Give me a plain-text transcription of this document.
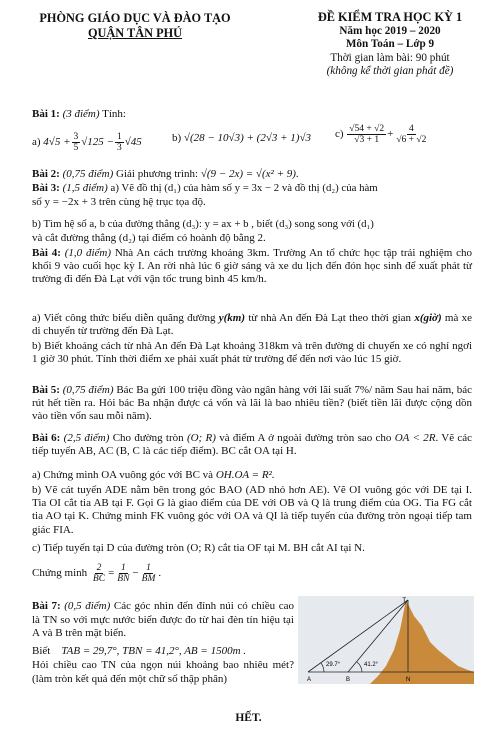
PHÒNG GIÁO DỤC VÀ ĐÀO TẠO
QUẬN TÂN PHÚ
ĐỀ KIỂM TRA HỌC KỲ 1
Năm học 2019 – 2020
Môn Toán – Lớp 9
Thời gian làm bài: 90 phút
(không kể thời gian phát đề)
Bài 1: (3 điểm) Tính:
a)
$4√5 + \frac{3}{5} √125 - \frac{1}{3} √45$	b)
√(28 − 10√3) + (2√3 + 1)√3 c)
$\frac{√54 + √2}{√3 + 1} + \frac{4}{√6 + √2}$
Bài 2: (0,75 điểm) Giải phương trình: √(9 − 2x) = √(x² + 9).
Bài 3: (1,5 điểm) a) Vẽ đồ thị (d₁) của hàm số y = 3x − 2 và đồ thị (d₂) của hàm
số y = −2x + 3 trên cùng hệ trục tọa độ.
b) Tìm hệ số a, b của đường thẳng (d₃): y = ax + b , biết (d₃) song song với (d₁)
và cắt đường thẳng (d₂) tại điểm có hoành độ bằng 2.
Bài 4: (1,0 điểm) Nhà An cách trường khoảng 3km. Trường An tổ chức học tập trải nghiệm cho khối 9 vào cuối học kỳ I. An rời nhà lúc 6 giờ sáng và xe du lịch đến đón học sinh để xuất phát từ trường đi đến Đà Lạt với vận tốc trung bình 45 km/h.
a) Viết công thức biểu diễn quãng đường y(km) từ nhà An đến Đà Lạt theo thời gian x(giờ) mà xe di chuyển từ trường đến Đà Lạt.
b) Biết khoảng cách từ nhà An đến Đà Lạt khoảng 318km và trên đường di chuyển xe có nghỉ ngơi 1 giờ 30 phút. Tính thời điểm xe phải xuất phát từ trường để đến nơi vào lúc 15 giờ.
Bài 5: (0,75 điểm) Bác Ba gửi 100 triệu đồng vào ngân hàng với lãi suất 7%/ năm Sau hai năm, bác rút hết tiền ra. Hỏi bác Ba nhận được cả vốn và lãi là bao nhiêu tiền? (biết tiền lãi được cộng dồn vào tiền vốn sau mỗi năm).
Bài 6: (2,5 điểm) Cho đường tròn (O; R) và điểm A ở ngoài đường tròn sao cho OA < 2R. Vẽ các tiếp tuyến AB, AC (B, C là các tiếp điểm). BC cắt OA tại H.
a) Chứng minh OA vuông góc với BC và OH.OA = R².
b) Vẽ cát tuyến ADE nằm bên trong góc BAO (AD nhỏ hơn AE). Vẽ OI vuông góc với DE tại I. Tia OI cắt tia AB tại F. Gọi G là giao điểm của DE với OB và Q là trung điểm của OG. Tia FG cắt tia AO tại K. Chứng minh FK vuông góc với OA và QI là tiếp tuyến của đường tròn ngoại tiếp tam giác FIA.
c) Tiếp tuyến tại D của đường tròn (O; R) cắt tia OF tại M. BH cắt AI tại N.
Chứng minh
$\frac{2}{BC} = \frac{1}{BN} - \frac{1}{BM}$ .
Bài 7: (0,5 điểm) Các góc nhìn đến đỉnh núi có chiều cao là TN so với mực nước biển được đo từ hai đèn tín hiệu tại A và B trên mặt biển.
Biết TAB = 29,7°, TBN = 41,2°, AB = 1500m .
Hỏi chiều cao TN của ngọn núi khoảng bao nhiêu mét? (làm tròn kết quả đến một chữ số thập phân)
T
A	B	N
29.7°	41.2°
HẾT.
